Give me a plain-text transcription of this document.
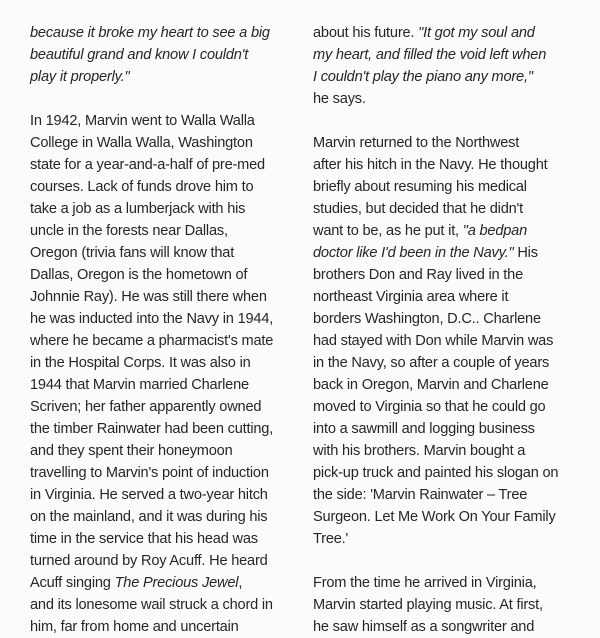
because it broke my heart to see a big
beautiful grand and know I couldn't
play it properly."

In 1942, Marvin went to Walla Walla
College in Walla Walla, Washington
state for a year-and-a-half of pre-med
courses. Lack of funds drove him to
take a job as a lumberjack with his
uncle in the forests near Dallas,
Oregon (trivia fans will know that
Dallas, Oregon is the hometown of
Johnnie Ray). He was still there when
he was inducted into the Navy in 1944,
where he became a pharmacist's mate
in the Hospital Corps. It was also in
1944 that Marvin married Charlene
Scriven; her father apparently owned
the timber Rainwater had been cutting,
and they spent their honeymoon
travelling to Marvin's point of induction
in Virginia. He served a two-year hitch
on the mainland, and it was during his
time in the service that his head was
turned around by Roy Acuff. He heard
Acuff singing The Precious Jewel,
and its lonesome wail struck a chord in
him, far from home and uncertain

about his future. "It got my soul and
my heart, and filled the void left when
I couldn't play the piano any more,"
he says.

Marvin returned to the Northwest
after his hitch in the Navy. He thought
briefly about resuming his medical
studies, but decided that he didn't
want to be, as he put it, "a bedpan
doctor like I'd been in the Navy." His
brothers Don and Ray lived in the
northeast Virginia area where it
borders Washington, D.C.. Charlene
had stayed with Don while Marvin was
in the Navy, so after a couple of years
back in Oregon, Marvin and Charlene
moved to Virginia so that he could go
into a sawmill and logging business
with his brothers. Marvin bought a
pick-up truck and painted his slogan on
the side: 'Marvin Rainwater – Tree
Surgeon. Let Me Work On Your Family
Tree.'

From the time he arrived in Virginia,
Marvin started playing music. At first,
he saw himself as a songwriter and
